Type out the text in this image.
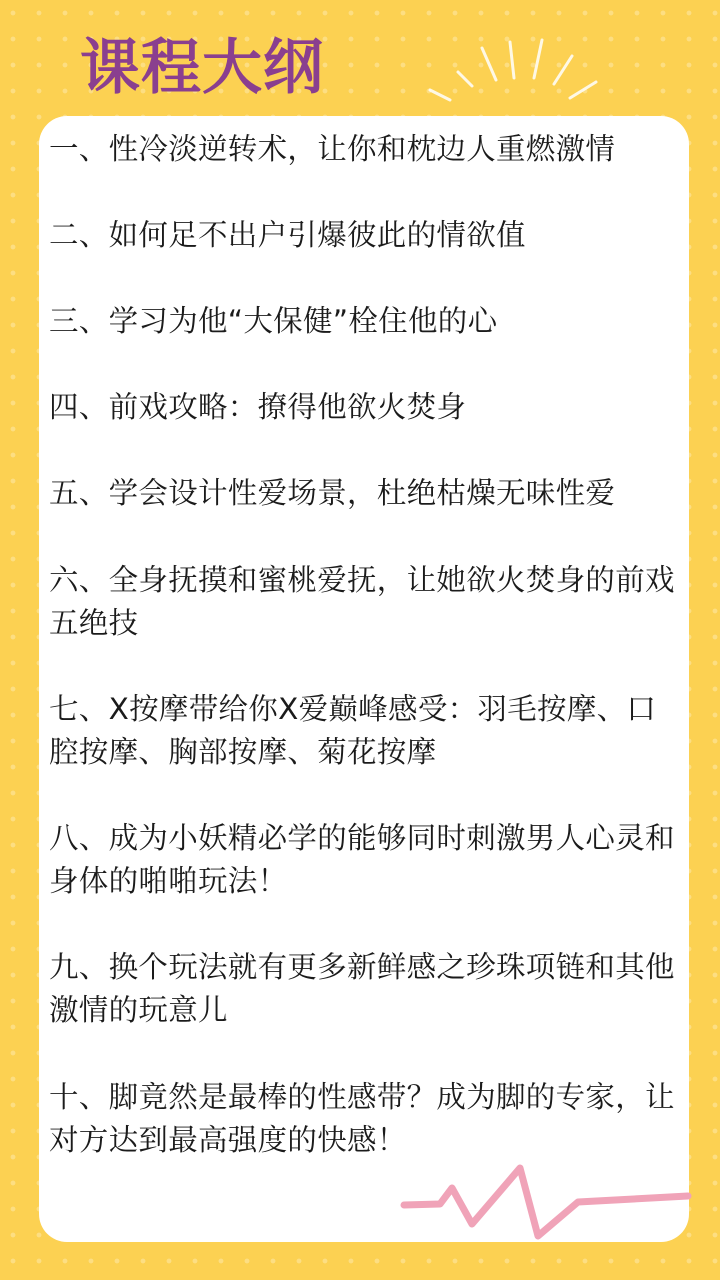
课程大纲
一、性冷淡逆转术，让你和枕边人重燃激情
二、如何足不出户引爆彼此的情欲值
三、学习为他“大保健”栓住他的心
四、前戏攻略：撩得他欲火焚身
五、学会设计性爱场景，杜绝枯燥无味性爱
六、全身抚摸和蜜桃爱抚，让她欲火焚身的前戏五绝技
七、X按摩带给你X爱巅峰感受：羽毛按摩、口腔按摩、胸部按摩、菊花按摩
八、成为小妖精必学的能够同时刺激男人心灵和身体的啪啪玩法！
九、换个玩法就有更多新鲜感之珍珠项链和其他激情的玩意儿
十、脚竟然是最棒的性感带？成为脚的专家，让对方达到最高强度的快感！
